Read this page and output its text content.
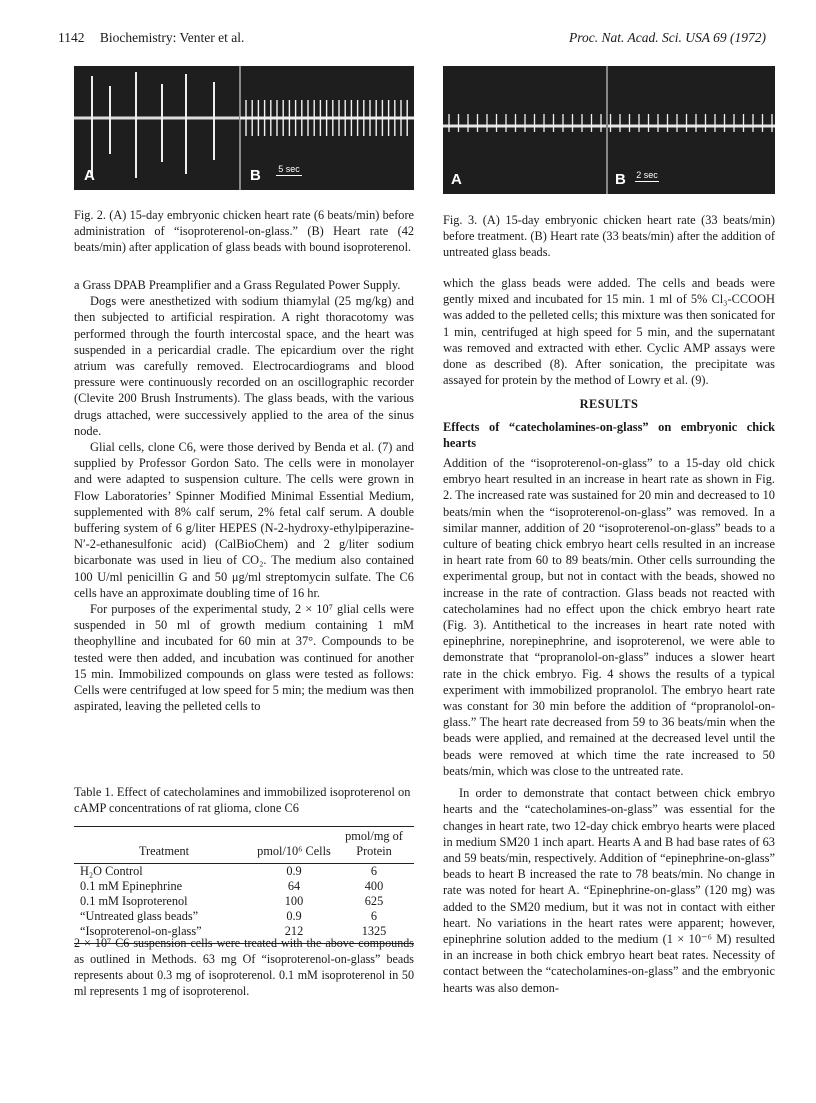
1142 Biochemistry: Venter et al.	Proc. Nat. Acad. Sci. USA 69 (1972)
A	B 5 sec
Fig. 2. (A) 15-day embryonic chicken heart rate (6 beats/min) before administration of “isoproterenol-on-glass.” (B) Heart rate (42 beats/min) after application of glass beads with bound isoproterenol.
A	B 2 sec
Fig. 3. (A) 15-day embryonic chicken heart rate (33 beats/min) before treatment. (B) Heart rate (33 beats/min) after the addition of untreated glass beads.

a Grass DPAB Preamplifier and a Grass Regulated Power Supply.

Dogs were anesthetized with sodium thiamylal (25 mg/kg) and then subjected to artificial respiration. A right thoracotomy was performed through the fourth intercostal space, and the heart was suspended in a pericardial cradle. The epicardium over the right atrium was carefully removed. Electrocardiograms and blood pressure were continuously recorded on an oscillographic recorder (Clevite 200 Brush Instruments). The glass beads, with the various drugs attached, were successively applied to the area of the sinus node.

Glial cells, clone C6, were those derived by Benda et al. (7) and supplied by Professor Gordon Sato. The cells were in monolayer and were adapted to suspension culture. The cells were grown in Flow Laboratories’ Spinner Modified Minimal Essential Medium, supplemented with 8% calf serum, 2% fetal calf serum. A double buffering system of 6 g/liter HEPES (N-2-hydroxy-ethylpiperazine-N′-2-ethanesulfonic acid) (CalBioChem) and 2 g/liter sodium bicarbonate was used in lieu of CO₂. The medium also contained 100 U/ml penicillin G and 50 μg/ml streptomycin sulfate. The C6 cells have an approximate doubling time of 16 hr.

For purposes of the experimental study, 2 × 10⁷ glial cells were suspended in 50 ml of growth medium containing 1 mM theophylline and incubated for 60 min at 37°. Compounds to be tested were then added, and incubation was continued for another 15 min. Immobilized compounds on glass were tested as follows: Cells were centrifuged at low speed for 5 min; the medium was then aspirated, leaving the pelleted cells to

Table 1. Effect of catecholamines and immobilized isoproterenol on cAMP concentrations of rat glioma, clone C6
Treatment	pmol/10⁶ Cells	pmol/mg of Protein
H₂O Control	0.9	6
0.1 mM Epinephrine	64	400
0.1 mM Isoproterenol	100	625
“Untreated glass beads”	0.9	6
“Isoproterenol-on-glass”	212	1325
2 × 10⁷ C6 suspension cells were treated with the above compounds as outlined in Methods. 63 mg Of “isoproterenol-on-glass” beads represents about 0.3 mg of isoproterenol. 0.1 mM isoproterenol in 50 ml represents 1 mg of isoproterenol.

which the glass beads were added. The cells and beads were gently mixed and incubated for 15 min. 1 ml of 5% Cl₃-CCOOH was added to the pelleted cells; this mixture was then sonicated for 1 min, centrifuged at high speed for 5 min, and the supernatant was removed and extracted with ether. Cyclic AMP assays were done as described (8). After sonication, the precipitate was assayed for protein by the method of Lowry et al. (9).

RESULTS
Effects of “catecholamines-on-glass” on embryonic chick hearts

Addition of the “isoproterenol-on-glass” to a 15-day old chick embryo heart resulted in an increase in heart rate as shown in Fig. 2. The increased rate was sustained for 20 min and decreased to 10 beats/min when the “isoproterenol-on-glass” was removed. In a similar manner, addition of 20 “isoproterenol-on-glass” beads to a culture of beating chick embryo heart cells resulted in an increase in heart rate from 60 to 89 beats/min. Other cells surrounding the experimental group, but not in contact with the beads, showed no increase in the rate of contraction. Glass beads not reacted with catecholamines had no effect upon the chick embryo heart rate (Fig. 3). Antithetical to the increases in heart rate noted with epinephrine, norepinephrine, and isoproterenol, we were able to demonstrate that “propranolol-on-glass” induces a slower heart rate in the chick embryo. Fig. 4 shows the results of a typical experiment with immobilized propranolol. The embryo heart rate was constant for 30 min before the addition of “propranolol-on-glass.” The heart rate decreased from 59 to 36 beats/min when the beads were applied, and remained at the decreased level until the beads were removed at which time the rate increased to 50 beats/min, which was close to the untreated rate.

In order to demonstrate that contact between chick embryo hearts and the “catecholamines-on-glass” was essential for the changes in heart rate, two 12-day chick embryo hearts were placed in medium SM20 1 inch apart. Hearts A and B had base rates of 63 and 59 beats/min, respectively. Addition of “epinephrine-on-glass” beads to heart B increased the rate to 78 beats/min. No change in rate was noted for heart A. “Epinephrine-on-glass” (120 mg) was added to the SM20 medium, but it was not in contact with either heart. No variations in the heart rates were apparent; however, epinephrine solution added to the medium (1 × 10⁻⁶ M) resulted in an increase in both chick embryo heart beat rates. Necessity of contact between the “catecholamines-on-glass” and the embryonic hearts was also demon-
